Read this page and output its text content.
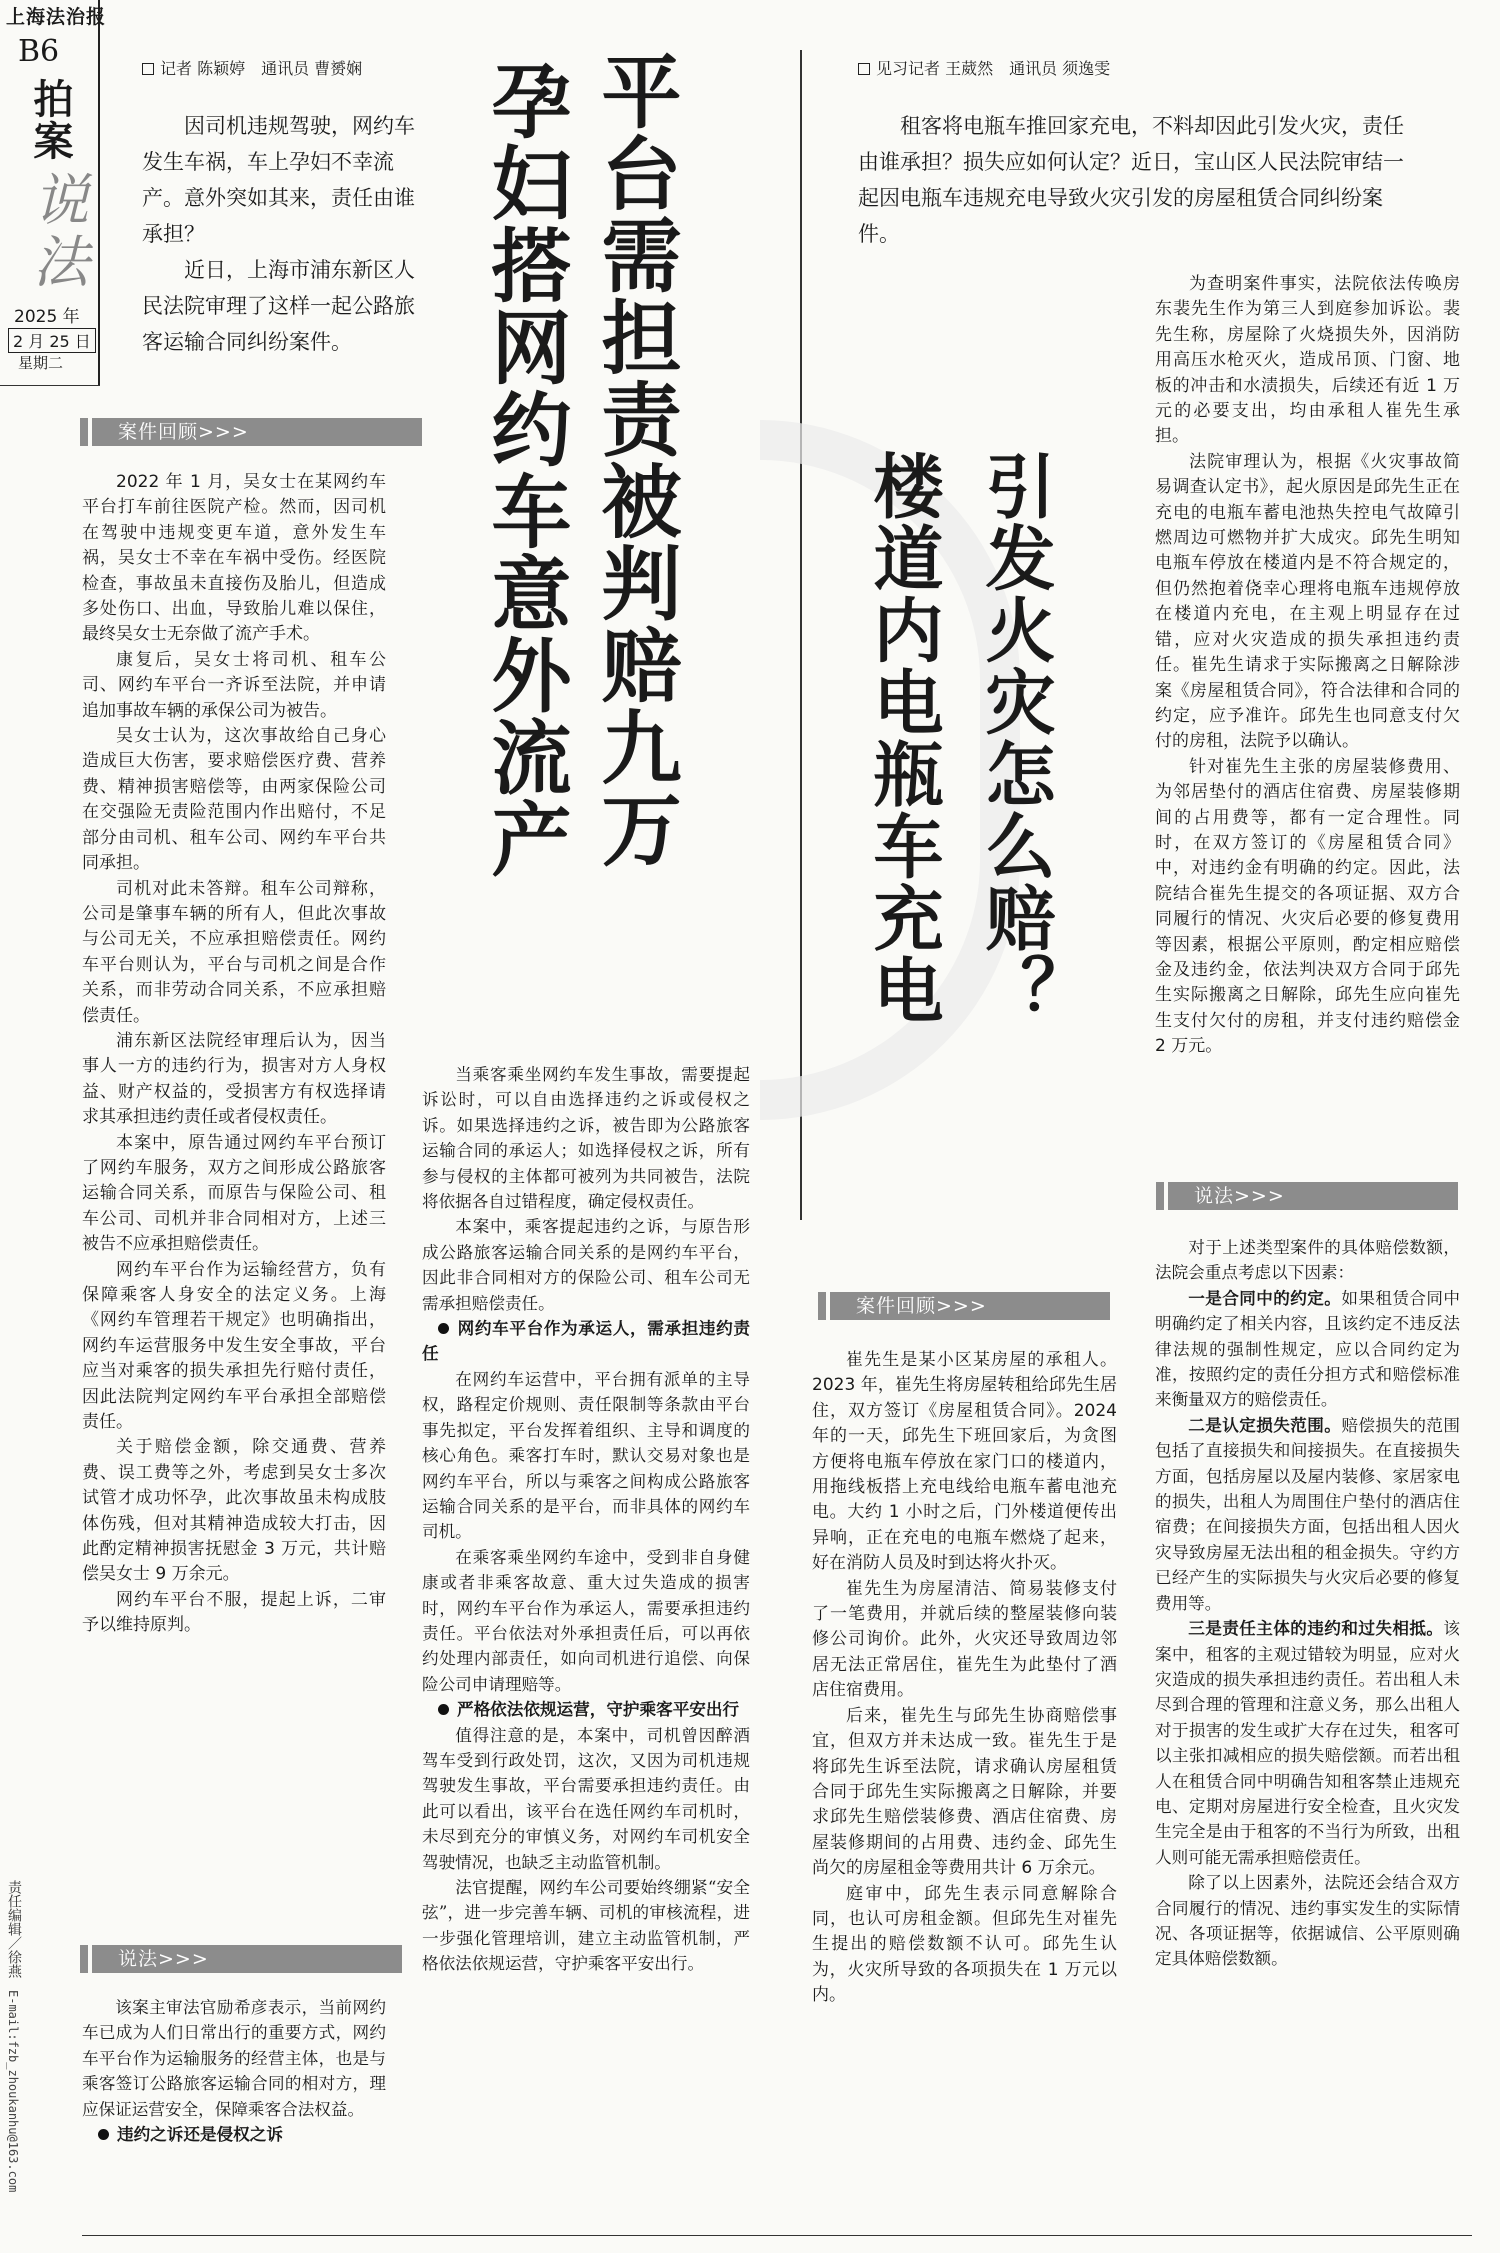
上海法治报
B6
拍案
说法
2025 年
2 月 25 日
星期二
责任编辑／徐燕
E-mail:fzb_zhoukanhu@163.com
记者 陈颖婷　通讯员 曹赟娴

因司机违规驾驶，网约车发生车祸，车上孕妇不幸流产。意外突如其来，责任由谁承担？

近日，上海市浦东新区人民法院审理了这样一起公路旅客运输合同纠纷案件。	平台需担责被判赔九万
孕妇搭网约车意外流产
案件回顾>>>

2022 年 1 月，吴女士在某网约车平台打车前往医院产检。然而，因司机在驾驶中违规变更车道，意外发生车祸，吴女士不幸在车祸中受伤。经医院检查，事故虽未直接伤及胎儿，但造成多处伤口、出血，导致胎儿难以保住，最终吴女士无奈做了流产手术。

康复后，吴女士将司机、租车公司、网约车平台一齐诉至法院，并申请追加事故车辆的承保公司为被告。

吴女士认为，这次事故给自己身心造成巨大伤害，要求赔偿医疗费、营养费、精神损害赔偿等，由两家保险公司在交强险无责险范围内作出赔付，不足部分由司机、租车公司、网约车平台共同承担。

司机对此未答辩。租车公司辩称，公司是肇事车辆的所有人，但此次事故与公司无关，不应承担赔偿责任。网约车平台则认为，平台与司机之间是合作关系，而非劳动合同关系，不应承担赔偿责任。

浦东新区法院经审理后认为，因当事人一方的违约行为，损害对方人身权益、财产权益的，受损害方有权选择请求其承担违约责任或者侵权责任。

本案中，原告通过网约车平台预订了网约车服务，双方之间形成公路旅客运输合同关系，而原告与保险公司、租车公司、司机并非合同相对方，上述三被告不应承担赔偿责任。

网约车平台作为运输经营方，负有保障乘客人身安全的法定义务。上海《网约车管理若干规定》也明确指出，网约车运营服务中发生安全事故，平台应当对乘客的损失承担先行赔付责任，因此法院判定网约车平台承担全部赔偿责任。

关于赔偿金额，除交通费、营养费、误工费等之外，考虑到吴女士多次试管才成功怀孕，此次事故虽未构成肢体伤残，但对其精神造成较大打击，因此酌定精神损害抚慰金 3 万元，共计赔偿吴女士 9 万余元。

网约车平台不服，提起上诉，二审予以维持原判。

说法>>>

该案主审法官励希彦表示，当前网约车已成为人们日常出行的重要方式，网约车平台作为运输服务的经营主体，也是与乘客签订公路旅客运输合同的相对方，理应保证运营安全，保障乘客合法权益。

违约之诉还是侵权之诉

当乘客乘坐网约车发生事故，需要提起诉讼时，可以自由选择违约之诉或侵权之诉。如果选择违约之诉，被告即为公路旅客运输合同的承运人；如选择侵权之诉，所有参与侵权的主体都可被列为共同被告，法院将依据各自过错程度，确定侵权责任。

本案中，乘客提起违约之诉，与原告形成公路旅客运输合同关系的是网约车平台，因此非合同相对方的保险公司、租车公司无需承担赔偿责任。

网约车平台作为承运人，需承担违约责任

在网约车运营中，平台拥有派单的主导权，路程定价规则、责任限制等条款由平台事先拟定，平台发挥着组织、主导和调度的核心角色。乘客打车时，默认交易对象也是网约车平台，所以与乘客之间构成公路旅客运输合同关系的是平台，而非具体的网约车司机。

在乘客乘坐网约车途中，受到非自身健康或者非乘客故意、重大过失造成的损害时，网约车平台作为承运人，需要承担违约责任。平台依法对外承担责任后，可以再依约处理内部责任，如向司机进行追偿、向保险公司申请理赔等。

严格依法依规运营，守护乘客平安出行

值得注意的是，本案中，司机曾因醉酒驾车受到行政处罚，这次，又因为司机违规驾驶发生事故，平台需要承担违约责任。由此可以看出，该平台在选任网约车司机时，未尽到充分的审慎义务，对网约车司机安全驾驶情况，也缺乏主动监管机制。

法官提醒，网约车公司要始终绷紧“安全弦”，进一步完善车辆、司机的审核流程，进一步强化管理培训，建立主动监管机制，严格依法依规运营，守护乘客平安出行。

见习记者 王葳然　通讯员 须逸雯

租客将电瓶车推回家充电，不料却因此引发火灾，责任由谁承担？损失应如何认定？近日，宝山区人民法院审结一起因电瓶车违规充电导致火灾引发的房屋租赁合同纠纷案件。

引发火灾怎么赔？
楼道内电瓶车充电
案件回顾>>>

崔先生是某小区某房屋的承租人。2023 年，崔先生将房屋转租给邱先生居住，双方签订《房屋租赁合同》。2024 年的一天，邱先生下班回家后，为贪图方便将电瓶车停放在家门口的楼道内，用拖线板搭上充电线给电瓶车蓄电池充电。大约 1 小时之后，门外楼道便传出异响，正在充电的电瓶车燃烧了起来，好在消防人员及时到达将火扑灭。

崔先生为房屋清洁、简易装修支付了一笔费用，并就后续的整屋装修向装修公司询价。此外，火灾还导致周边邻居无法正常居住，崔先生为此垫付了酒店住宿费用。

后来，崔先生与邱先生协商赔偿事宜，但双方并未达成一致。崔先生于是将邱先生诉至法院，请求确认房屋租赁合同于邱先生实际搬离之日解除，并要求邱先生赔偿装修费、酒店住宿费、房屋装修期间的占用费、违约金、邱先生尚欠的房屋租金等费用共计 6 万余元。

庭审中，邱先生表示同意解除合同，也认可房租金额。但邱先生对崔先生提出的赔偿数额不认可。邱先生认为，火灾所导致的各项损失在 1 万元以内。

为查明案件事实，法院依法传唤房东裴先生作为第三人到庭参加诉讼。裴先生称，房屋除了火烧损失外，因消防用高压水枪灭火，造成吊顶、门窗、地板的冲击和水渍损失，后续还有近 1 万元的必要支出，均由承租人崔先生承担。

法院审理认为，根据《火灾事故简易调查认定书》，起火原因是邱先生正在充电的电瓶车蓄电池热失控电气故障引燃周边可燃物并扩大成灾。邱先生明知电瓶车停放在楼道内是不符合规定的，但仍然抱着侥幸心理将电瓶车违规停放在楼道内充电，在主观上明显存在过错，应对火灾造成的损失承担违约责任。崔先生请求于实际搬离之日解除涉案《房屋租赁合同》，符合法律和合同的约定，应予准许。邱先生也同意支付欠付的房租，法院予以确认。

针对崔先生主张的房屋装修费用、为邻居垫付的酒店住宿费、房屋装修期间的占用费等，都有一定合理性。同时，在双方签订的《房屋租赁合同》中，对违约金有明确的约定。因此，法院结合崔先生提交的各项证据、双方合同履行的情况、火灾后必要的修复费用等因素，根据公平原则，酌定相应赔偿金及违约金，依法判决双方合同于邱先生实际搬离之日解除，邱先生应向崔先生支付欠付的房租，并支付违约赔偿金 2 万元。

说法>>>

对于上述类型案件的具体赔偿数额，法院会重点考虑以下因素：

一是合同中的约定。如果租赁合同中明确约定了相关内容，且该约定不违反法律法规的强制性规定，应以合同约定为准，按照约定的责任分担方式和赔偿标准来衡量双方的赔偿责任。

二是认定损失范围。赔偿损失的范围包括了直接损失和间接损失。在直接损失方面，包括房屋以及屋内装修、家居家电的损失，出租人为周围住户垫付的酒店住宿费；在间接损失方面，包括出租人因火灾导致房屋无法出租的租金损失。守约方已经产生的实际损失与火灾后必要的修复费用等。

三是责任主体的违约和过失相抵。该案中，租客的主观过错较为明显，应对火灾造成的损失承担违约责任。若出租人未尽到合理的管理和注意义务，那么出租人对于损害的发生或扩大存在过失，租客可以主张扣减相应的损失赔偿额。而若出租人在租赁合同中明确告知租客禁止违规充电、定期对房屋进行安全检查，且火灾发生完全是由于租客的不当行为所致，出租人则可能无需承担赔偿责任。

除了以上因素外，法院还会结合双方合同履行的情况、违约事实发生的实际情况、各项证据等，依据诚信、公平原则确定具体赔偿数额。
